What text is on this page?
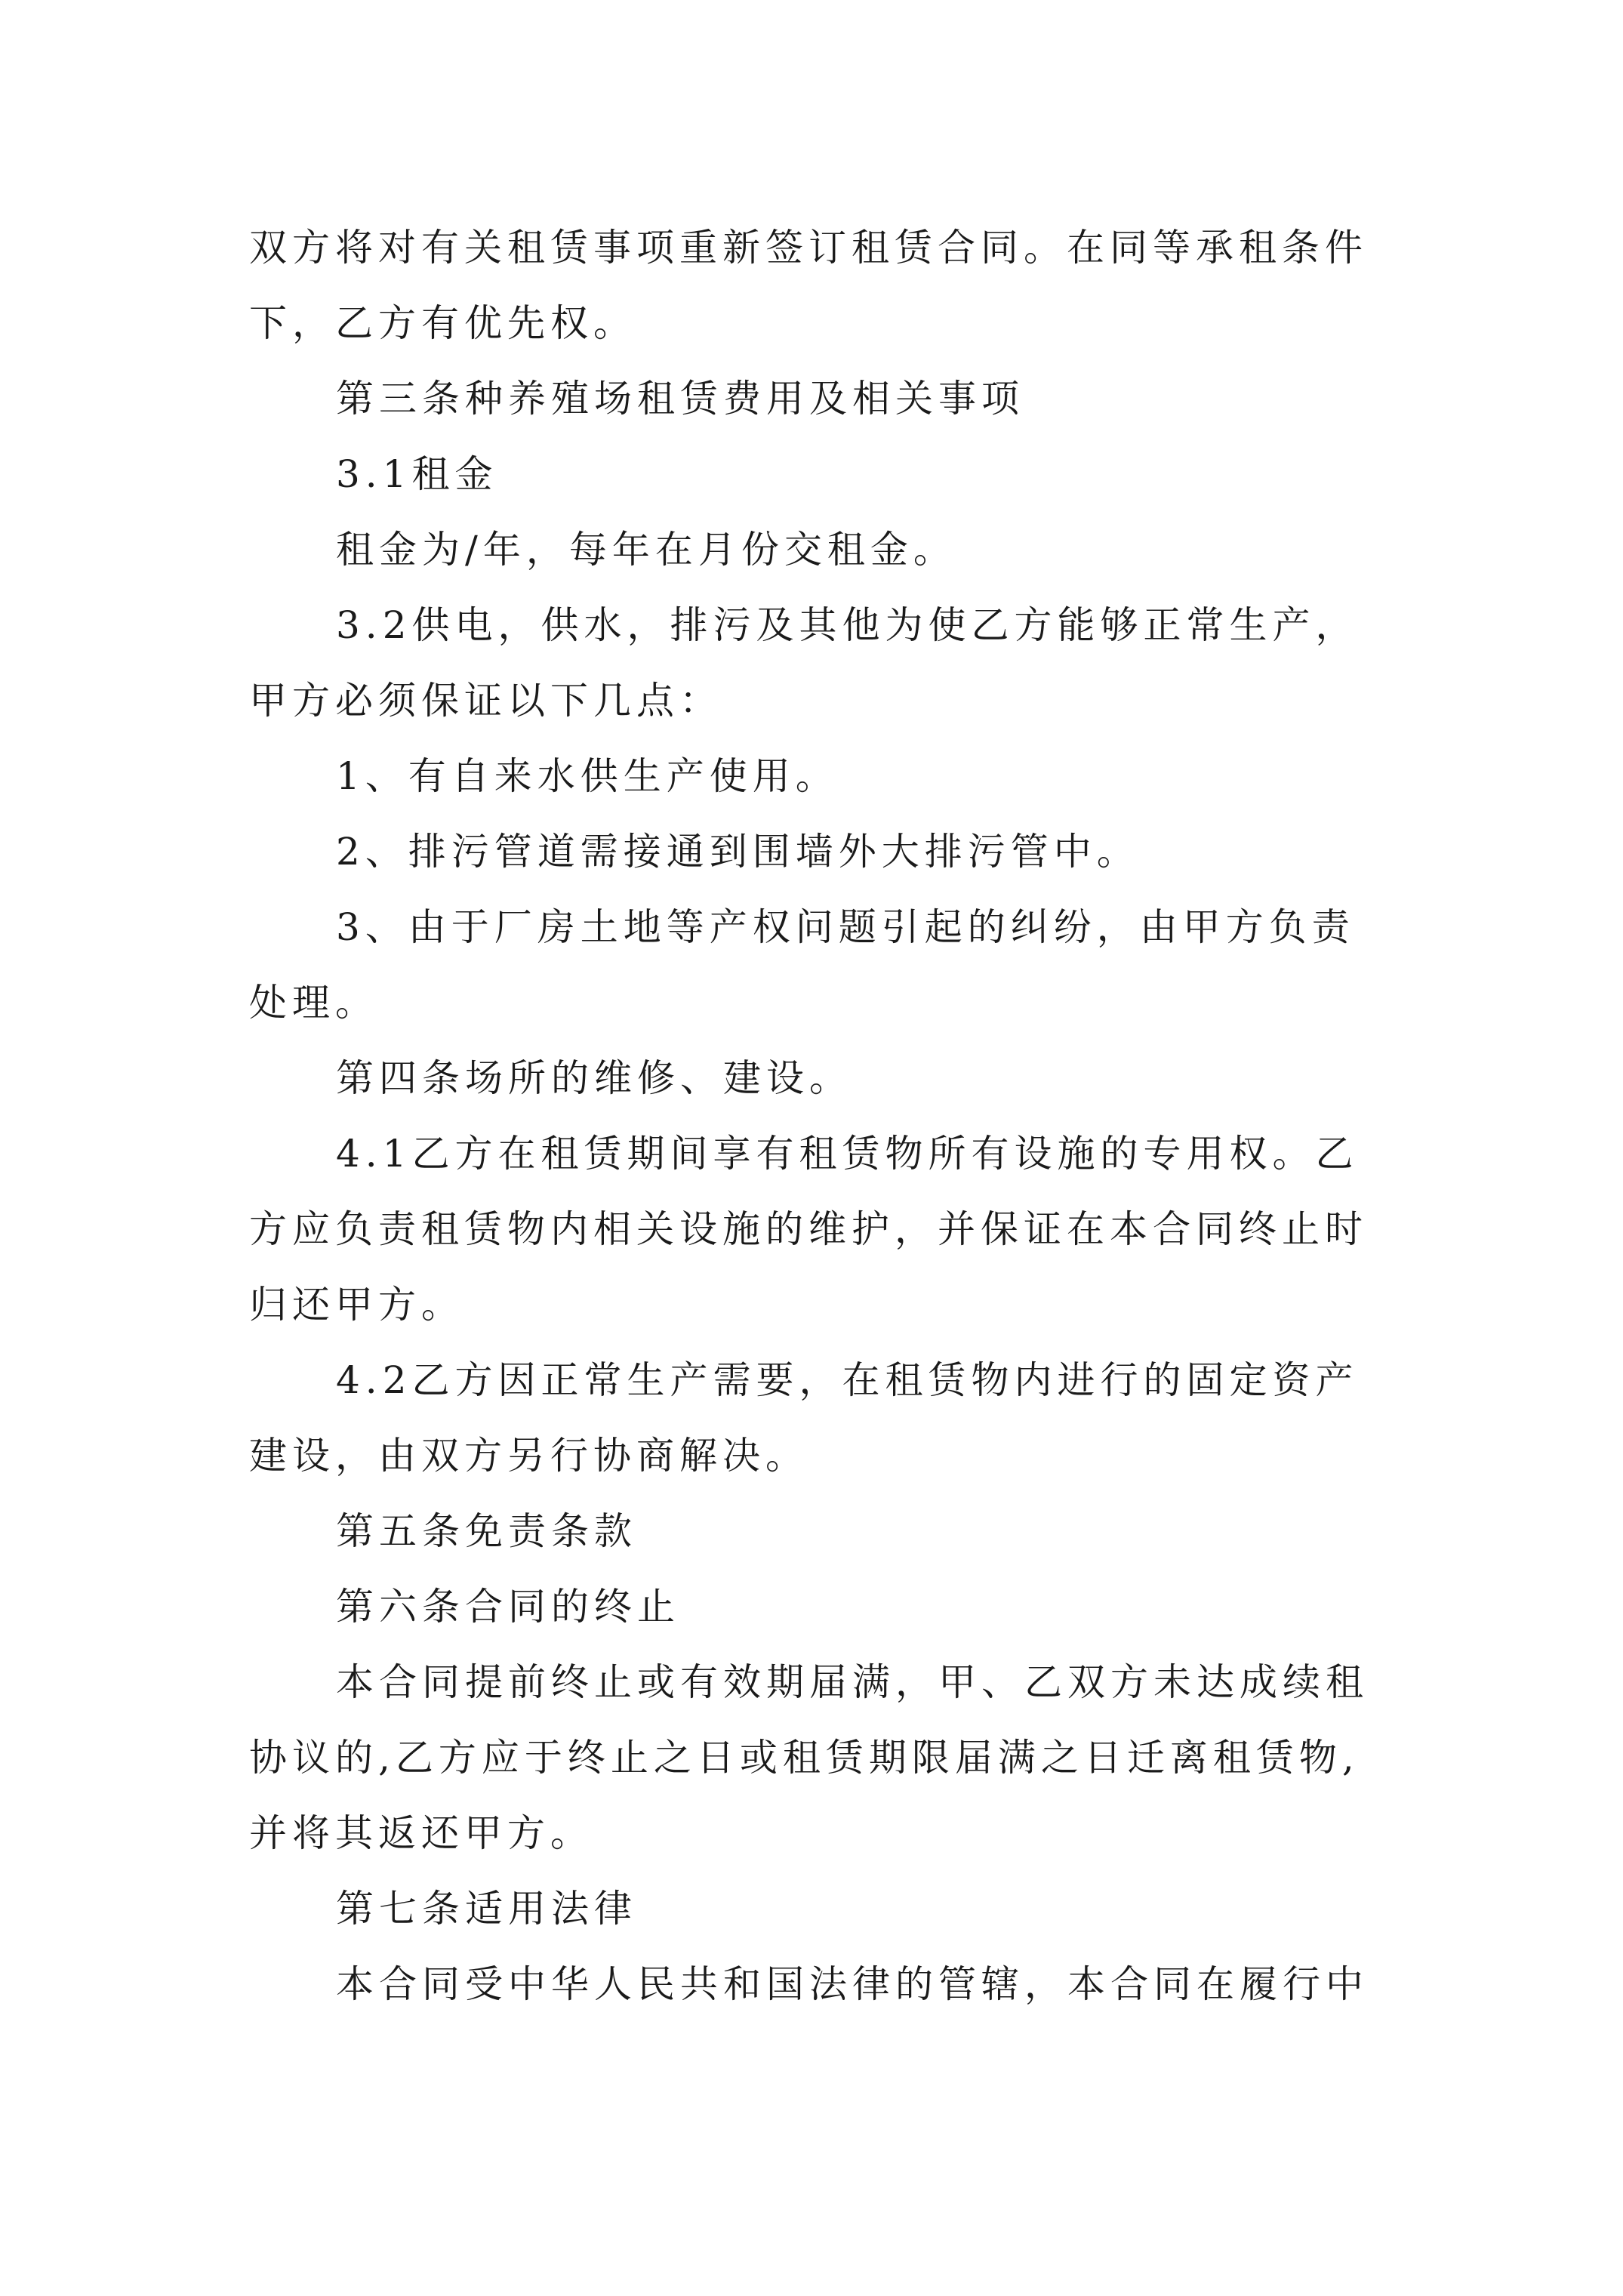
双方将对有关租赁事项重新签订租赁合同。在同等承租条件
下，乙方有优先权。

第三条种养殖场租赁费用及相关事项

3.1租金

租金为/年，每年在月份交租金。

3.2供电，供水，排污及其他为使乙方能够正常生产，

甲方必须保证以下几点：

1、有自来水供生产使用。

2、排污管道需接通到围墙外大排污管中。

3、由于厂房土地等产权问题引起的纠纷，由甲方负责

处理。

第四条场所的维修、建设。

4.1乙方在租赁期间享有租赁物所有设施的专用权。乙

方应负责租赁物内相关设施的维护，并保证在本合同终止时
归还甲方。

4.2乙方因正常生产需要，在租赁物内进行的固定资产

建设，由双方另行协商解决。

第五条免责条款

第六条合同的终止

本合同提前终止或有效期届满，甲、乙双方未达成续租

协议的,乙方应于终止之日或租赁期限届满之日迁离租赁物,
并将其返还甲方。

第七条适用法律

本合同受中华人民共和国法律的管辖，本合同在履行中
